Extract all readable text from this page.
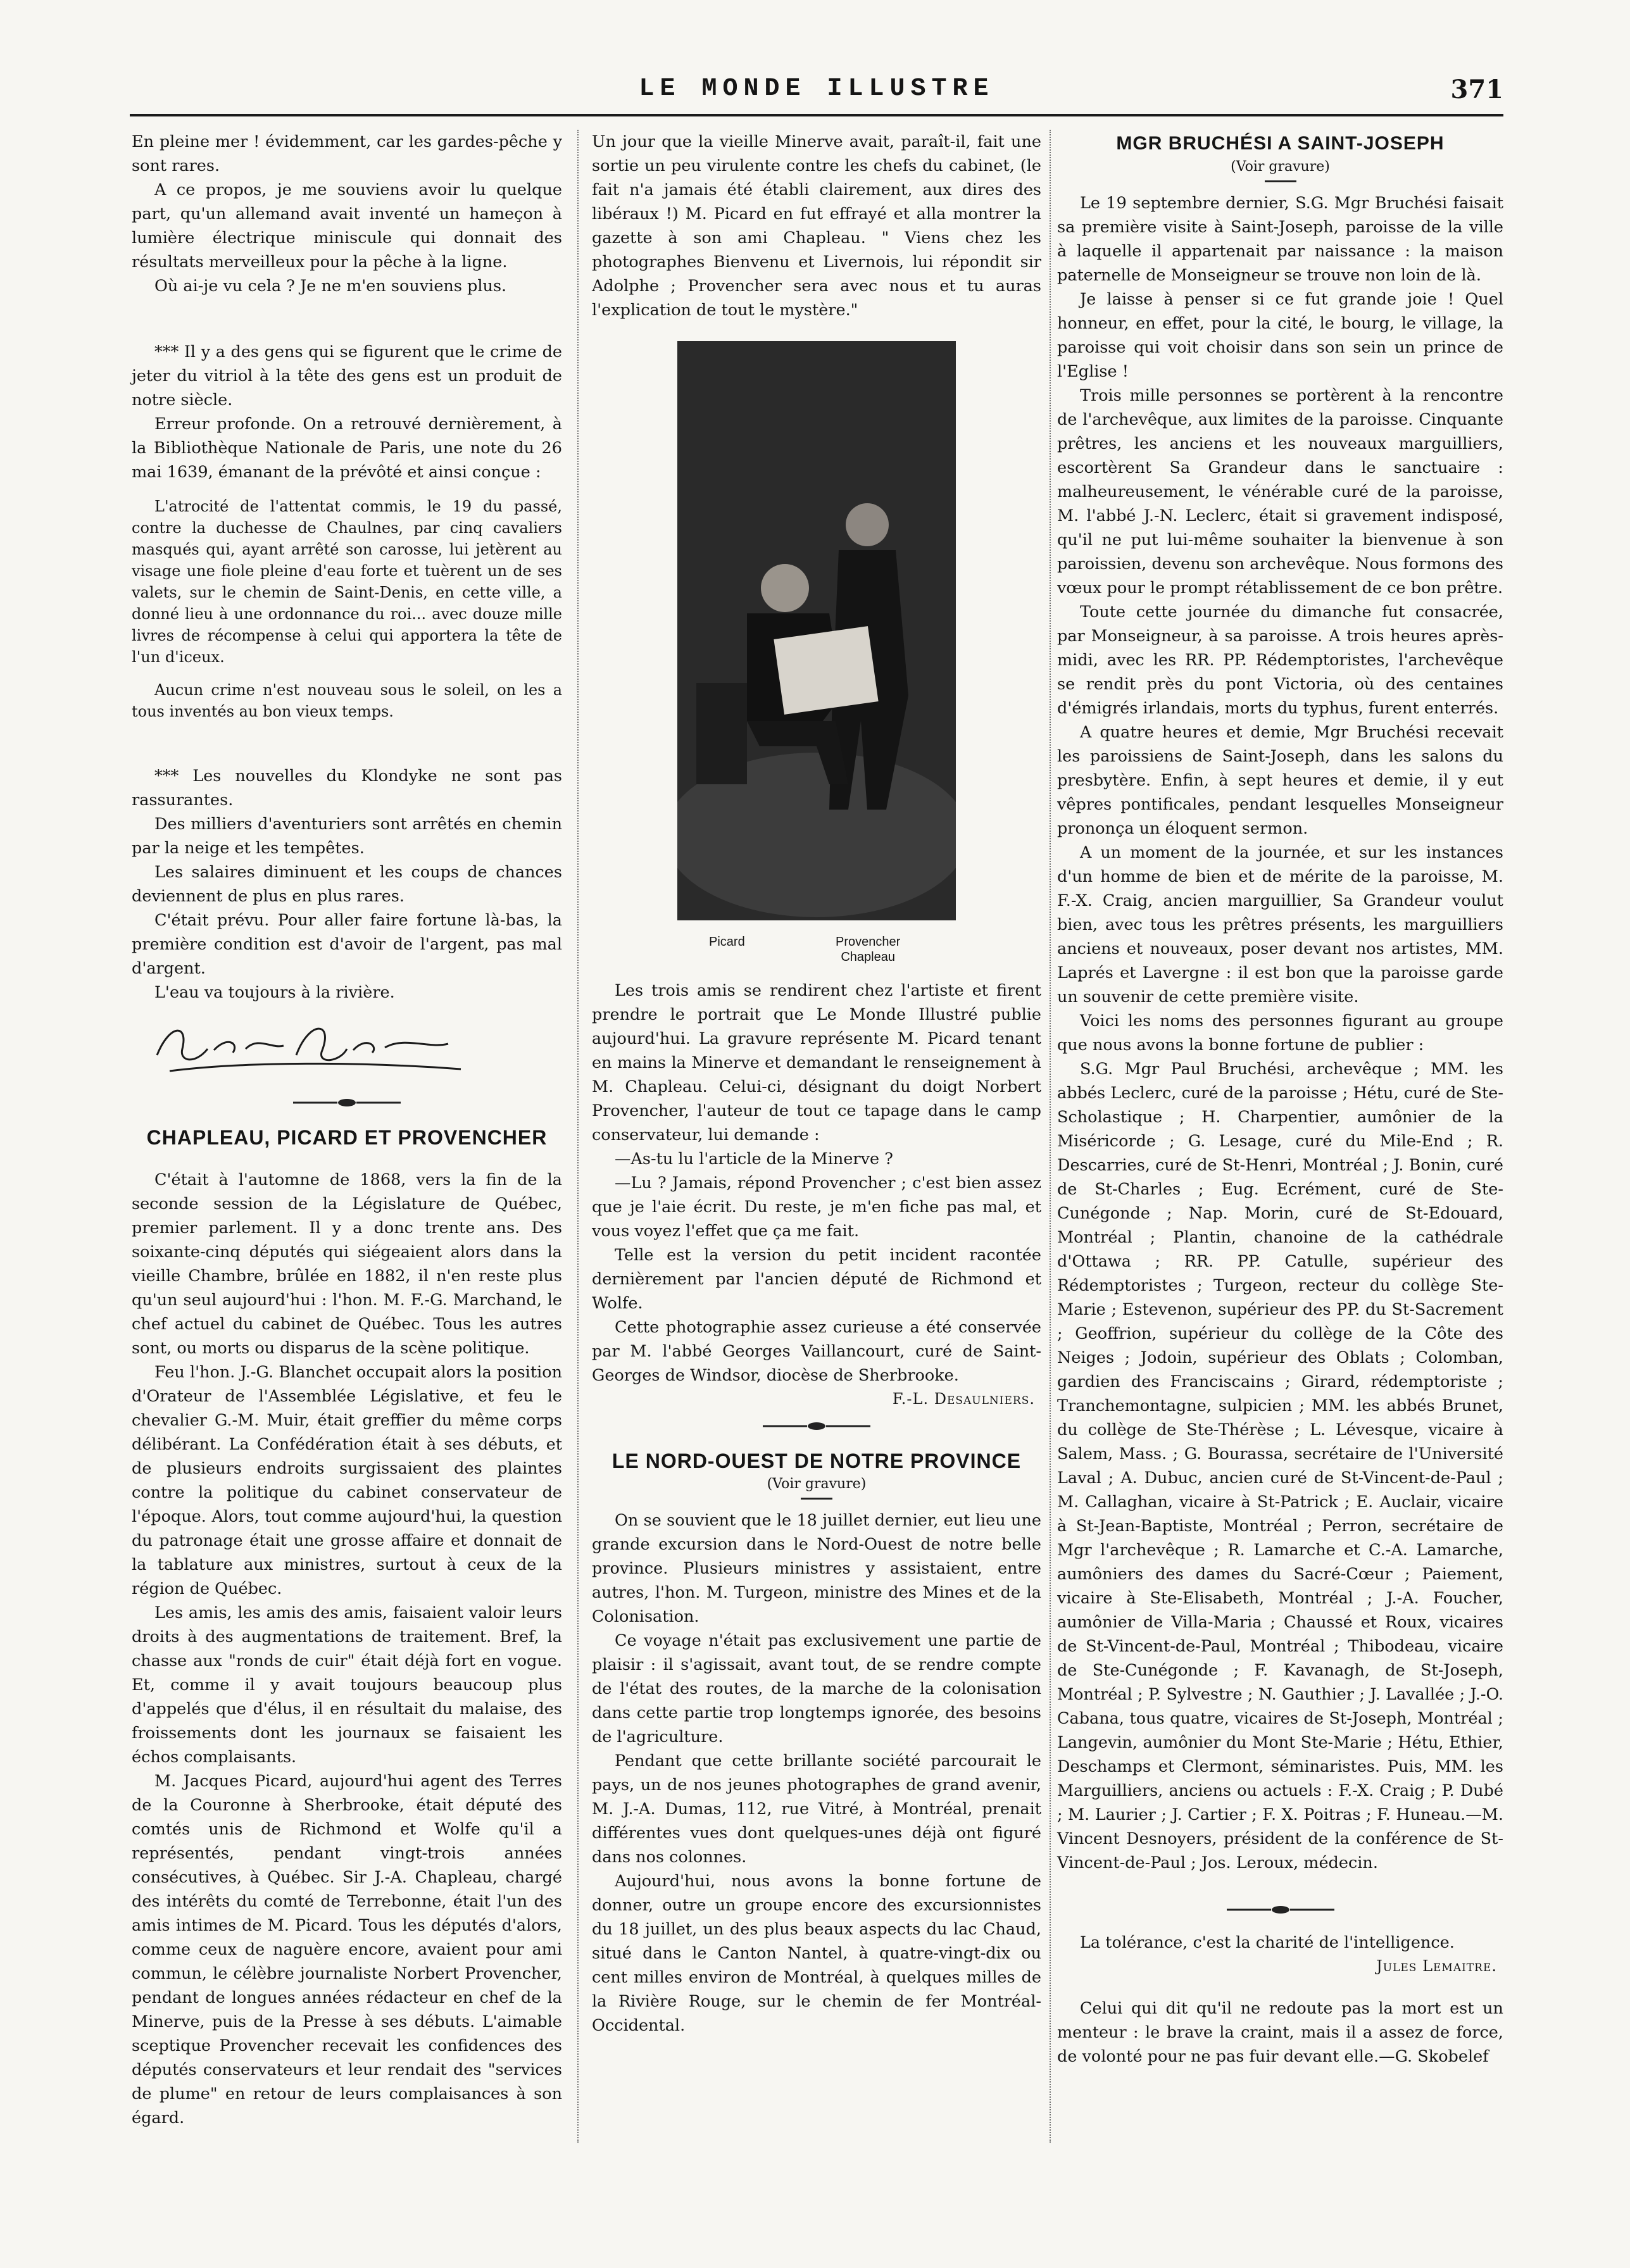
LE MONDE ILLUSTRE	371

En pleine mer ! évidemment, car les gardes-pêche y sont rares.

A ce propos, je me souviens avoir lu quelque part, qu'un allemand avait inventé un hameçon à lumière électrique miniscule qui donnait des résultats merveilleux pour la pêche à la ligne.

Où ai-je vu cela ? Je ne m'en souviens plus.

*** Il y a des gens qui se figurent que le crime de jeter du vitriol à la tête des gens est un produit de notre siècle.

Erreur profonde. On a retrouvé dernièrement, à la Bibliothèque Nationale de Paris, une note du 26 mai 1639, émanant de la prévôté et ainsi conçue :

L'atrocité de l'attentat commis, le 19 du passé, contre la duchesse de Chaulnes, par cinq cavaliers masqués qui, ayant arrêté son carosse, lui jetèrent au visage une fiole pleine d'eau forte et tuèrent un de ses valets, sur le chemin de Saint-Denis, en cette ville, a donné lieu à une ordonnance du roi... avec douze mille livres de récompense à celui qui apportera la tête de l'un d'iceux.

Aucun crime n'est nouveau sous le soleil, on les a tous inventés au bon vieux temps.

*** Les nouvelles du Klondyke ne sont pas rassurantes.

Des milliers d'aventuriers sont arrêtés en chemin par la neige et les tempêtes.

Les salaires diminuent et les coups de chances deviennent de plus en plus rares.

C'était prévu. Pour aller faire fortune là-bas, la première condition est d'avoir de l'argent, pas mal d'argent.

L'eau va toujours à la rivière.

CHAPLEAU, PICARD ET PROVENCHER

C'était à l'automne de 1868, vers la fin de la seconde session de la Législature de Québec, premier parlement. Il y a donc trente ans. Des soixante-cinq députés qui siégeaient alors dans la vieille Chambre, brûlée en 1882, il n'en reste plus qu'un seul aujourd'hui : l'hon. M. F.-G. Marchand, le chef actuel du cabinet de Québec. Tous les autres sont, ou morts ou disparus de la scène politique.

Feu l'hon. J.-G. Blanchet occupait alors la position d'Orateur de l'Assemblée Législative, et feu le chevalier G.-M. Muir, était greffier du même corps délibérant. La Confédération était à ses débuts, et de plusieurs endroits surgissaient des plaintes contre la politique du cabinet conservateur de l'époque. Alors, tout comme aujourd'hui, la question du patronage était une grosse affaire et donnait de la tablature aux ministres, surtout à ceux de la région de Québec.

Les amis, les amis des amis, faisaient valoir leurs droits à des augmentations de traitement. Bref, la chasse aux "ronds de cuir" était déjà fort en vogue. Et, comme il y avait toujours beaucoup plus d'appelés que d'élus, il en résultait du malaise, des froissements dont les journaux se faisaient les échos complaisants.

M. Jacques Picard, aujourd'hui agent des Terres de la Couronne à Sherbrooke, était député des comtés unis de Richmond et Wolfe qu'il a représentés, pendant vingt-trois années consécutives, à Québec. Sir J.-A. Chapleau, chargé des intérêts du comté de Terrebonne, était l'un des amis intimes de M. Picard. Tous les députés d'alors, comme ceux de naguère encore, avaient pour ami commun, le célèbre journaliste Norbert Provencher, pendant de longues années rédacteur en chef de la Minerve, puis de la Presse à ses débuts. L'aimable sceptique Provencher recevait les confidences des députés conservateurs et leur rendait des "services de plume" en retour de leurs complaisances à son égard.

Un jour que la vieille Minerve avait, paraît-il, fait une sortie un peu virulente contre les chefs du cabinet, (le fait n'a jamais été établi clairement, aux dires des libéraux !) M. Picard en fut effrayé et alla montrer la gazette à son ami Chapleau. " Viens chez les photographes Bienvenu et Livernois, lui répondit sir Adolphe ; Provencher sera avec nous et tu auras l'explication de tout le mystère."

Picard	Provencher
Chapleau

Les trois amis se rendirent chez l'artiste et firent prendre le portrait que Le Monde Illustré publie aujourd'hui. La gravure représente M. Picard tenant en mains la Minerve et demandant le renseignement à M. Chapleau. Celui-ci, désignant du doigt Norbert Provencher, l'auteur de tout ce tapage dans le camp conservateur, lui demande :

—As-tu lu l'article de la Minerve ?

—Lu ? Jamais, répond Provencher ; c'est bien assez que je l'aie écrit. Du reste, je m'en fiche pas mal, et vous voyez l'effet que ça me fait.

Telle est la version du petit incident racontée dernièrement par l'ancien député de Richmond et Wolfe.

Cette photographie assez curieuse a été conservée par M. l'abbé Georges Vaillancourt, curé de Saint-Georges de Windsor, diocèse de Sherbrooke.

F.-L. Desaulniers.
LE NORD-OUEST DE NOTRE PROVINCE
(Voir gravure)

On se souvient que le 18 juillet dernier, eut lieu une grande excursion dans le Nord-Ouest de notre belle province. Plusieurs ministres y assistaient, entre autres, l'hon. M. Turgeon, ministre des Mines et de la Colonisation.

Ce voyage n'était pas exclusivement une partie de plaisir : il s'agissait, avant tout, de se rendre compte de l'état des routes, de la marche de la colonisation dans cette partie trop longtemps ignorée, des besoins de l'agriculture.

Pendant que cette brillante société parcourait le pays, un de nos jeunes photographes de grand avenir, M. J.-A. Dumas, 112, rue Vitré, à Montréal, prenait différentes vues dont quelques-unes déjà ont figuré dans nos colonnes.

Aujourd'hui, nous avons la bonne fortune de donner, outre un groupe encore des excursionnistes du 18 juillet, un des plus beaux aspects du lac Chaud, situé dans le Canton Nantel, à quatre-vingt-dix ou cent milles environ de Montréal, à quelques milles de la Rivière Rouge, sur le chemin de fer Montréal-Occidental.

MGR BRUCHÉSI A SAINT-JOSEPH
(Voir gravure)

Le 19 septembre dernier, S.G. Mgr Bruchési faisait sa première visite à Saint-Joseph, paroisse de la ville à laquelle il appartenait par naissance : la maison paternelle de Monseigneur se trouve non loin de là.

Je laisse à penser si ce fut grande joie ! Quel honneur, en effet, pour la cité, le bourg, le village, la paroisse qui voit choisir dans son sein un prince de l'Eglise !

Trois mille personnes se portèrent à la rencontre de l'archevêque, aux limites de la paroisse. Cinquante prêtres, les anciens et les nouveaux marguilliers, escortèrent Sa Grandeur dans le sanctuaire : malheureusement, le vénérable curé de la paroisse, M. l'abbé J.-N. Leclerc, était si gravement indisposé, qu'il ne put lui-même souhaiter la bienvenue à son paroissien, devenu son archevêque. Nous formons des vœux pour le prompt rétablissement de ce bon prêtre.

Toute cette journée du dimanche fut consacrée, par Monseigneur, à sa paroisse. A trois heures après-midi, avec les RR. PP. Rédemptoristes, l'archevêque se rendit près du pont Victoria, où des centaines d'émigrés irlandais, morts du typhus, furent enterrés.

A quatre heures et demie, Mgr Bruchési recevait les paroissiens de Saint-Joseph, dans les salons du presbytère. Enfin, à sept heures et demie, il y eut vêpres pontificales, pendant lesquelles Monseigneur prononça un éloquent sermon.

A un moment de la journée, et sur les instances d'un homme de bien et de mérite de la paroisse, M. F.-X. Craig, ancien marguillier, Sa Grandeur voulut bien, avec tous les prêtres présents, les marguilliers anciens et nouveaux, poser devant nos artistes, MM. Laprés et Lavergne : il est bon que la paroisse garde un souvenir de cette première visite.

Voici les noms des personnes figurant au groupe que nous avons la bonne fortune de publier :

S.G. Mgr Paul Bruchési, archevêque ; MM. les abbés Leclerc, curé de la paroisse ; Hétu, curé de Ste-Scholastique ; H. Charpentier, aumônier de la Miséricorde ; G. Lesage, curé du Mile-End ; R. Descarries, curé de St-Henri, Montréal ; J. Bonin, curé de St-Charles ; Eug. Ecrément, curé de Ste-Cunégonde ; Nap. Morin, curé de St-Edouard, Montréal ; Plantin, chanoine de la cathédrale d'Ottawa ; RR. PP. Catulle, supérieur des Rédemptoristes ; Turgeon, recteur du collège Ste-Marie ; Estevenon, supérieur des PP. du St-Sacrement ; Geoffrion, supérieur du collège de la Côte des Neiges ; Jodoin, supérieur des Oblats ; Colomban, gardien des Franciscains ; Girard, rédemptoriste ; Tranchemontagne, sulpicien ; MM. les abbés Brunet, du collège de Ste-Thérèse ; L. Lévesque, vicaire à Salem, Mass. ; G. Bourassa, secrétaire de l'Université Laval ; A. Dubuc, ancien curé de St-Vincent-de-Paul ; M. Callaghan, vicaire à St-Patrick ; E. Auclair, vicaire à St-Jean-Baptiste, Montréal ; Perron, secrétaire de Mgr l'archevêque ; R. Lamarche et C.-A. Lamarche, aumôniers des dames du Sacré-Cœur ; Paiement, vicaire à Ste-Elisabeth, Montréal ; J.-A. Foucher, aumônier de Villa-Maria ; Chaussé et Roux, vicaires de St-Vincent-de-Paul, Montréal ; Thibodeau, vicaire de Ste-Cunégonde ; F. Kavanagh, de St-Joseph, Montréal ; P. Sylvestre ; N. Gauthier ; J. Lavallée ; J.-O. Cabana, tous quatre, vicaires de St-Joseph, Montréal ; Langevin, aumônier du Mont Ste-Marie ; Hétu, Ethier, Deschamps et Clermont, séminaristes. Puis, MM. les Marguilliers, anciens ou actuels : F.-X. Craig ; P. Dubé ; M. Laurier ; J. Cartier ; F. X. Poitras ; F. Huneau.—M. Vincent Desnoyers, président de la conférence de St-Vincent-de-Paul ; Jos. Leroux, médecin.

La tolérance, c'est la charité de l'intelligence.

Jules Lemaitre.

Celui qui dit qu'il ne redoute pas la mort est un menteur : le brave la craint, mais il a assez de force, de volonté pour ne pas fuir devant elle.—G. Skobelef
